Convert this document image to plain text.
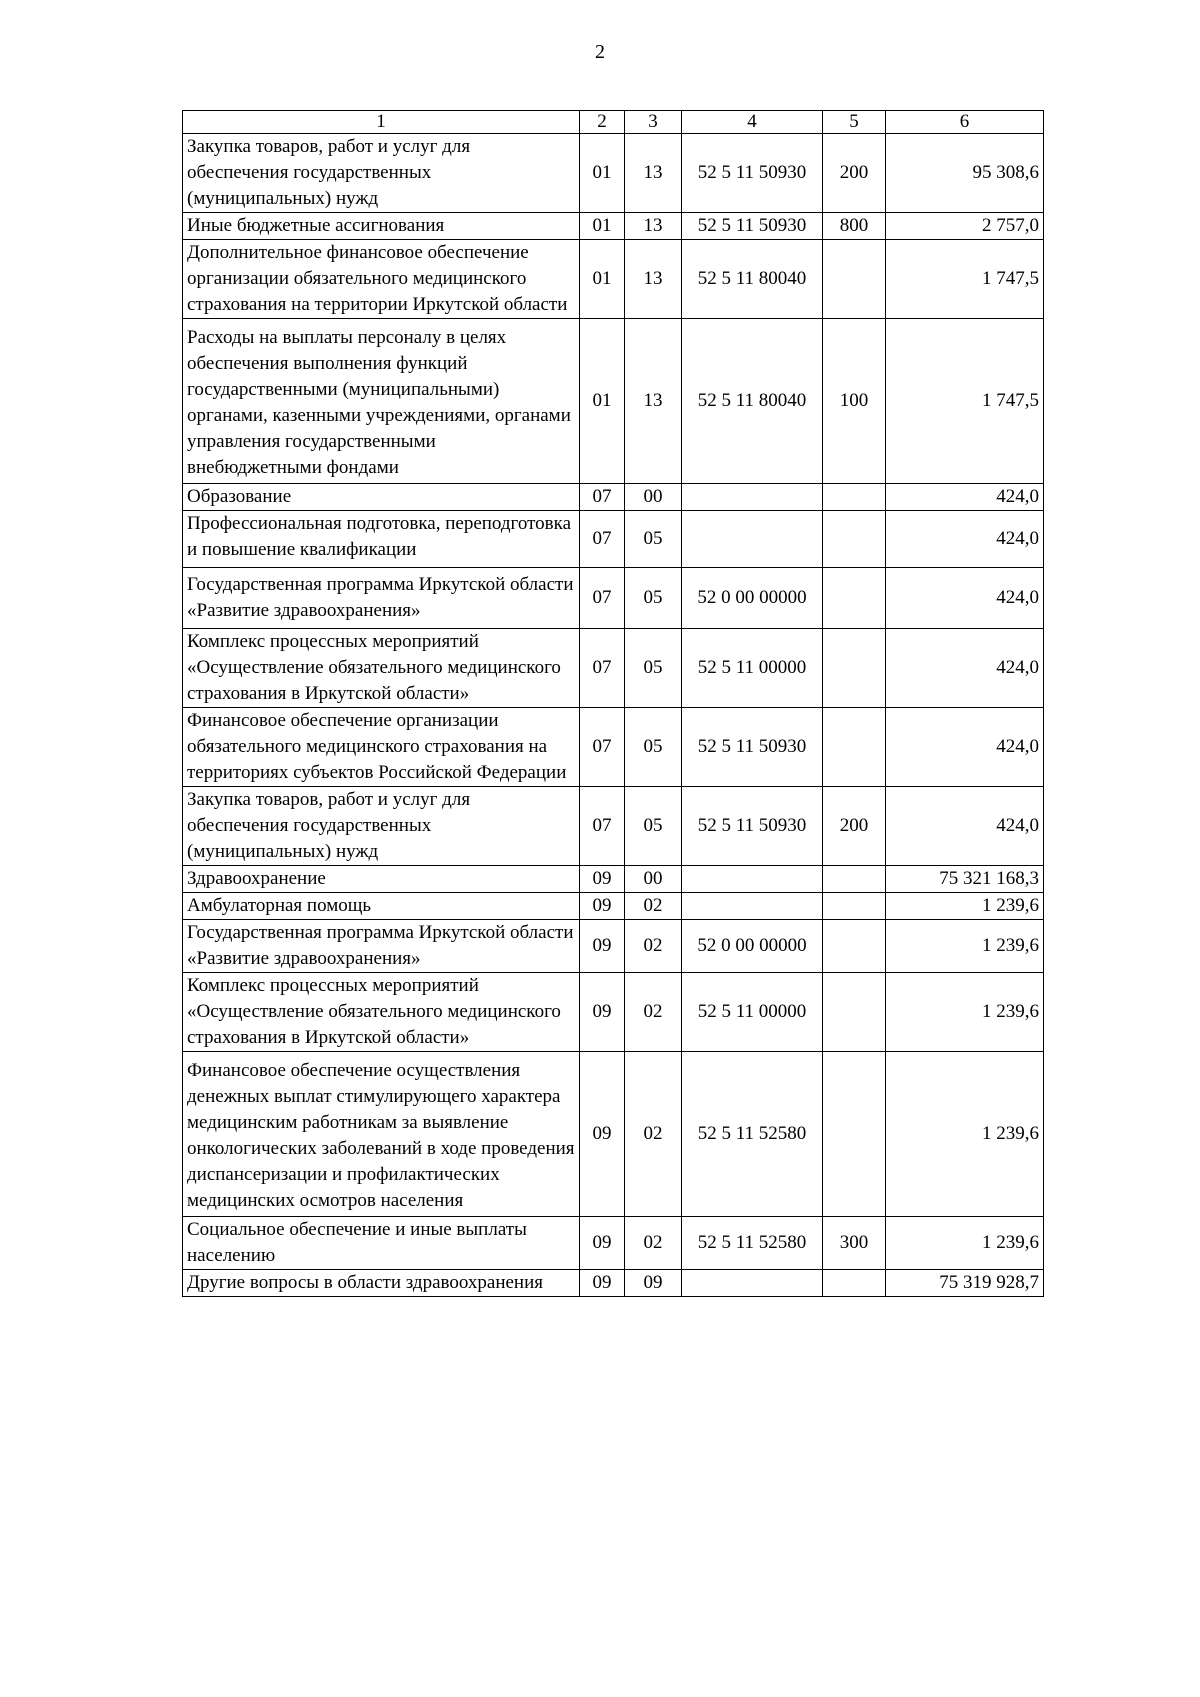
2
1	2	3	4	5	6
Закупка товаров, работ и услуг для обеспечения государственных (муниципальных) нужд	01	13	52 5 11 50930	200	95 308,6
Иные бюджетные ассигнования	01	13	52 5 11 50930	800	2 757,0
Дополнительное финансовое обеспечение организации обязательного медицинского страхования на территории Иркутской области	01	13	52 5 11 80040		1 747,5
Расходы на выплаты персоналу в целях обеспечения выполнения функций государственными (муниципальными) органами, казенными учреждениями, органами управления государственными внебюджетными фондами	01	13	52 5 11 80040	100	1 747,5
Образование	07	00			424,0
Профессиональная подготовка, переподготовка и повышение квалификации	07	05			424,0
Государственная программа Иркутской области «Развитие здравоохранения»	07	05	52 0 00 00000		424,0
Комплекс процессных мероприятий «Осуществление обязательного медицинского страхования в Иркутской области»	07	05	52 5 11 00000		424,0
Финансовое обеспечение организации обязательного медицинского страхования на территориях субъектов Российской Федерации	07	05	52 5 11 50930		424,0
Закупка товаров, работ и услуг для обеспечения государственных (муниципальных) нужд	07	05	52 5 11 50930	200	424,0
Здравоохранение	09	00			75 321 168,3
Амбулаторная помощь	09	02			1 239,6
Государственная программа Иркутской области «Развитие здравоохранения»	09	02	52 0 00 00000		1 239,6
Комплекс процессных мероприятий «Осуществление обязательного медицинского страхования в Иркутской области»	09	02	52 5 11 00000		1 239,6
Финансовое обеспечение осуществления денежных выплат стимулирующего характера медицинским работникам за выявление онкологических заболеваний в ходе проведения диспансеризации и профилактических медицинских осмотров населения	09	02	52 5 11 52580		1 239,6
Социальное обеспечение и иные выплаты населению	09	02	52 5 11 52580	300	1 239,6
Другие вопросы в области здравоохранения	09	09			75 319 928,7
